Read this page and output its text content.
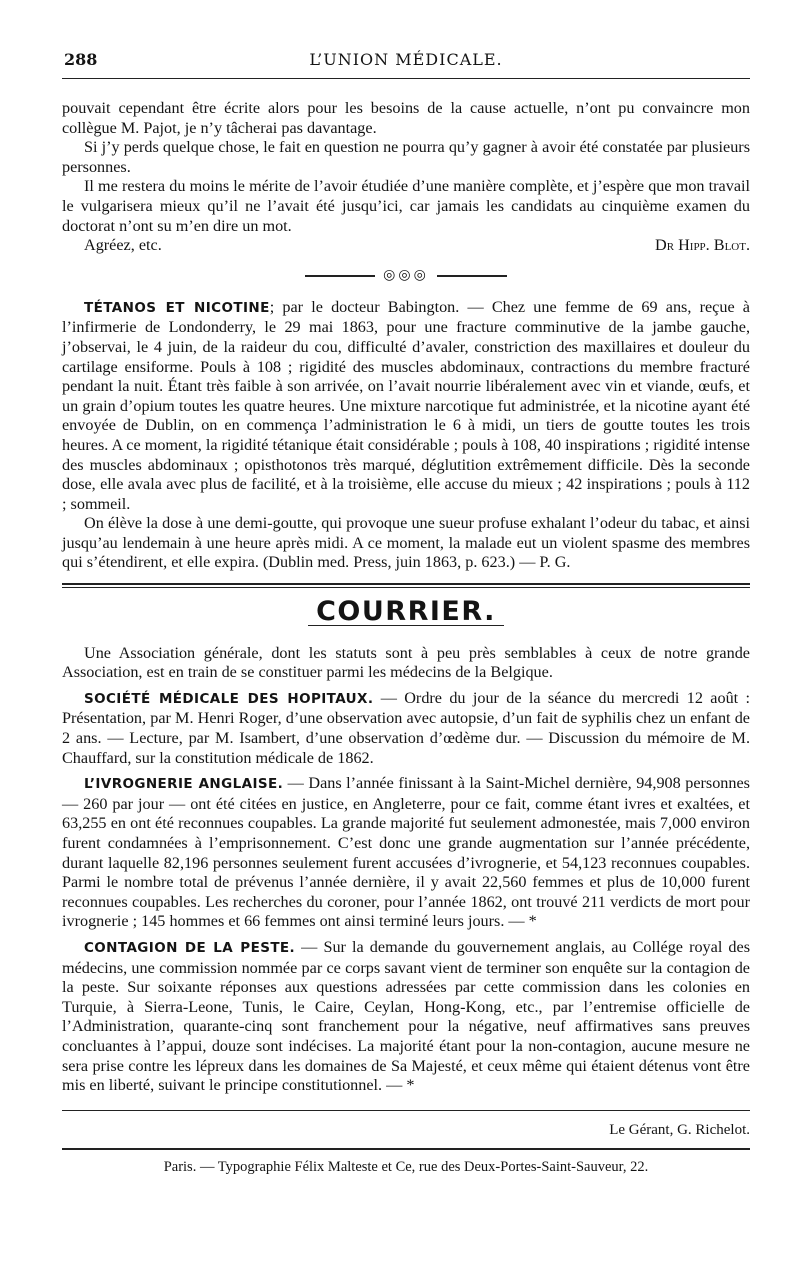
288	L’UNION MÉDICALE.

pouvait cependant être écrite alors pour les besoins de la cause actuelle, n’ont pu convaincre mon collègue M. Pajot, je n’y tâcherai pas davantage.

Si j’y perds quelque chose, le fait en question ne pourra qu’y gagner à avoir été constatée par plusieurs personnes.

Il me restera du moins le mérite de l’avoir étudiée d’une manière complète, et j’espère que mon travail le vulgarisera mieux qu’il ne l’avait été jusqu’ici, car jamais les candidats au cinquième examen du doctorat n’ont su m’en dire un mot.

Agréez, etc.	Dr Hipp. Blot.
◎◎◎

TÉTANOS ET NICOTINE; par le docteur Babington. — Chez une femme de 69 ans, reçue à l’infirmerie de Londonderry, le 29 mai 1863, pour une fracture comminutive de la jambe gauche, j’observai, le 4 juin, de la raideur du cou, difficulté d’avaler, constriction des maxillaires et douleur du cartilage ensiforme. Pouls à 108 ; rigidité des muscles abdominaux, contractions du membre fracturé pendant la nuit. Étant très faible à son arrivée, on l’avait nourrie libéralement avec vin et viande, œufs, et un grain d’opium toutes les quatre heures. Une mixture narcotique fut administrée, et la nicotine ayant été envoyée de Dublin, on en commença l’administration le 6 à midi, un tiers de goutte toutes les trois heures. A ce moment, la rigidité tétanique était considérable ; pouls à 108, 40 inspirations ; rigidité intense des muscles abdominaux ; opisthotonos très marqué, déglutition extrêmement difficile. Dès la seconde dose, elle avala avec plus de facilité, et à la troisième, elle accuse du mieux ; 42 inspirations ; pouls à 112 ; sommeil.

On élève la dose à une demi-goutte, qui provoque une sueur profuse exhalant l’odeur du tabac, et ainsi jusqu’au lendemain à une heure après midi. A ce moment, la malade eut un violent spasme des membres qui s’étendirent, et elle expira. (Dublin med. Press, juin 1863, p. 623.) — P. G.

COURRIER.

Une Association générale, dont les statuts sont à peu près semblables à ceux de notre grande Association, est en train de se constituer parmi les médecins de la Belgique.

SOCIÉTÉ MÉDICALE DES HOPITAUX. — Ordre du jour de la séance du mercredi 12 août : Présentation, par M. Henri Roger, d’une observation avec autopsie, d’un fait de syphilis chez un enfant de 2 ans. — Lecture, par M. Isambert, d’une observation d’œdème dur. — Discussion du mémoire de M. Chauffard, sur la constitution médicale de 1862.

L’IVROGNERIE ANGLAISE. — Dans l’année finissant à la Saint-Michel dernière, 94,908 personnes — 260 par jour — ont été citées en justice, en Angleterre, pour ce fait, comme étant ivres et exaltées, et 63,255 en ont été reconnues coupables. La grande majorité fut seulement admonestée, mais 7,000 environ furent condamnées à l’emprisonnement. C’est donc une grande augmentation sur l’année précédente, durant laquelle 82,196 personnes seulement furent accusées d’ivrognerie, et 54,123 reconnues coupables. Parmi le nombre total de prévenus l’année dernière, il y avait 22,560 femmes et plus de 10,000 furent reconnues coupables. Les recherches du coroner, pour l’année 1862, ont trouvé 211 verdicts de mort pour ivrognerie ; 145 hommes et 66 femmes ont ainsi terminé leurs jours. — *

CONTAGION DE LA PESTE. — Sur la demande du gouvernement anglais, au Collége royal des médecins, une commission nommée par ce corps savant vient de terminer son enquête sur la contagion de la peste. Sur soixante réponses aux questions adressées par cette commission dans les colonies en Turquie, à Sierra-Leone, Tunis, le Caire, Ceylan, Hong-Kong, etc., par l’entremise officielle de l’Administration, quarante-cinq sont franchement pour la négative, neuf affirmatives sans preuves concluantes à l’appui, douze sont indécises. La majorité étant pour la non-contagion, aucune mesure ne sera prise contre les lépreux dans les domaines de Sa Majesté, et ceux même qui étaient détenus vont être mis en liberté, suivant le principe constitutionnel. — *

Le Gérant, G. Richelot.
Paris. — Typographie Félix Malteste et Ce, rue des Deux-Portes-Saint-Sauveur, 22.
